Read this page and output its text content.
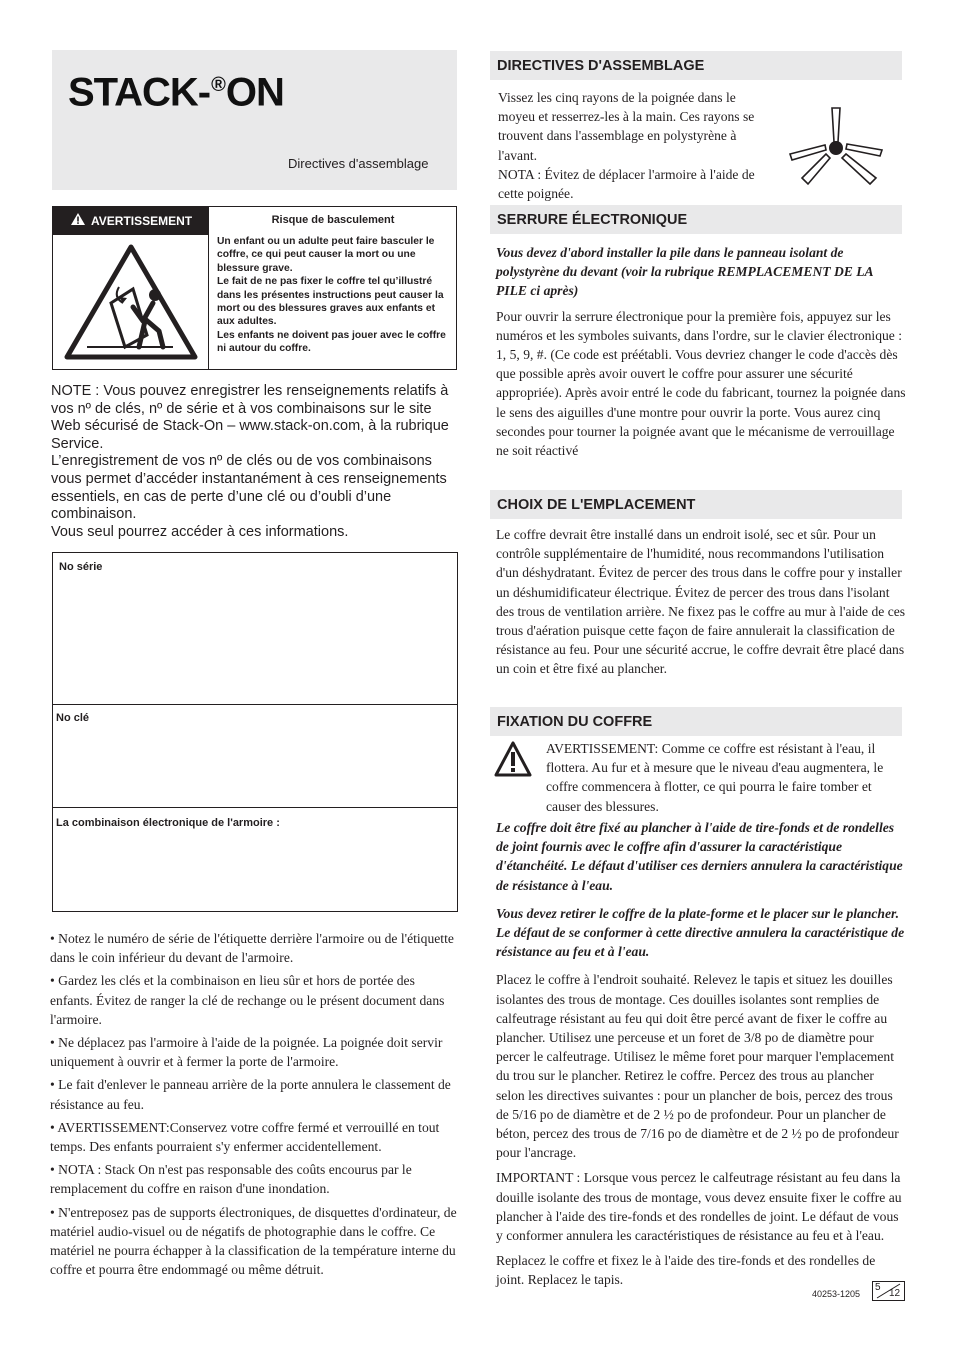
STACK-®ON
Directives d'assemblage
AVERTISSEMENT	Risque de basculement
Un enfant ou un adulte peut faire basculer le coffre, ce qui peut causer la mort ou une blessure grave.
Le fait de ne pas fixer le coffre tel qu’illustré dans les présentes instructions peut causer la mort ou des blessures graves aux enfants et aux adultes.
Les enfants ne doivent pas jouer avec le coffre ni autour du coffre.

NOTE : Vous pouvez enregistrer les renseignements relatifs à vos nº de clés, nº de série et à vos combinaisons sur le site Web sécurisé de Stack-On – www.stack-on.com, à la rubrique Service.

L’enregistrement de vos nº de clés ou de vos combinaisons vous permet d’accéder instantanément à ces renseignements essentiels, en cas de perte d’une clé ou d’oubli d’une combinaison.

Vous seul pourrez accéder à ces informations.

No série
No clé
La combinaison électronique de l'armoire :

• Notez le numéro de série de l'étiquette derrière l'armoire ou de l'étiquette dans le coin inférieur du devant de l'armoire.

• Gardez les clés et la combinaison en lieu sûr et hors de portée des enfants. Évitez de ranger la clé de rechange ou le présent document dans l'armoire.

• Ne déplacez pas l'armoire à l'aide de la poignée. La poignée doit servir uniquement à ouvrir et à fermer la porte de l'armoire.

• Le fait d'enlever le panneau arrière de la porte annulera le classement de résistance au feu.

• AVERTISSEMENT:Conservez votre coffre fermé et verrouillé en tout temps. Des enfants pourraient s'y enfermer accidentellement.

• NOTA : Stack On n'est pas responsable des coûts encourus par le remplacement du coffre en raison d'une inondation.

• N'entreposez pas de supports électroniques, de disquettes d'ordinateur, de matériel audio-visuel ou de négatifs de photographie dans le coffre. Ce matériel ne pourra échapper à la classification de la température interne du coffre et pourra être endommagé ou même détruit.

DIRECTIVES D'ASSEMBLAGE

Vissez les cinq rayons de la poignée dans le moyeu et resserrez-les à la main. Ces rayons se trouvent dans l'assemblage en polystyrène à l'avant.

NOTA : Évitez de déplacer l'armoire à l'aide de cette poignée.

SERRURE ÉLECTRONIQUE

Vous devez d'abord installer la pile dans le panneau isolant de polystyrène du devant (voir la rubrique REMPLACEMENT DE LA PILE ci après)

Pour ouvrir la serrure électronique pour la première fois, appuyez sur les numéros et les symboles suivants, dans l'ordre, sur le clavier électronique : 1, 5, 9, #. (Ce code est préétabli. Vous devriez changer le code d'accès dès que possible après avoir ouvert le coffre pour assurer une sécurité appropriée). Après avoir entré le code du fabricant, tournez la poignée dans le sens des aiguilles d'une montre pour ouvrir la porte. Vous aurez cinq secondes pour tourner la poignée avant que le mécanisme de verrouillage ne soit réactivé

CHOIX DE L'EMPLACEMENT

Le coffre devrait être installé dans un endroit isolé, sec et sûr. Pour un contrôle supplémentaire de l'humidité, nous recommandons l'utilisation d'un déshydratant. Évitez de percer des trous dans le coffre pour y installer un déshumidificateur électrique. Évitez de percer des trous dans l'isolant des trous de ventilation arrière. Ne fixez pas le coffre au mur à l'aide de ces trous d'aération puisque cette façon de faire annulerait la classification de résistance au feu. Pour une sécurité accrue, le coffre devrait être placé dans un coin et être fixé au plancher.

FIXATION DU COFFRE
AVERTISSEMENT: Comme ce coffre est résistant à l'eau, il flottera. Au fur et à mesure que le niveau d'eau augmentera, le coffre commencera à flotter, ce qui pourra le faire tomber et causer des blessures.

Le coffre doit être fixé au plancher à l'aide de tire-fonds et de rondelles de joint fournis avec le coffre afin d'assurer la caractéristique d'étanchéité. Le défaut d'utiliser ces derniers annulera la caractéristique de résistance à l'eau.

Vous devez retirer le coffre de la plate-forme et le placer sur le plancher. Le défaut de se conformer à cette directive annulera la caractéristique de résistance au feu et à l'eau.

Placez le coffre à l'endroit souhaité. Relevez le tapis et situez les douilles isolantes des trous de montage. Ces douilles isolantes sont remplies de calfeutrage résistant au feu qui doit être percé avant de fixer le coffre au plancher. Utilisez une perceuse et un foret de 3/8 po de diamètre pour percer le calfeutrage. Utilisez le même foret pour marquer l'emplacement du trou sur le plancher. Retirez le coffre. Percez des trous au plancher selon les directives suivantes : pour un plancher de bois, percez des trous de 5/16 po de diamètre et de 2 ½ po de profondeur. Pour un plancher de béton, percez des trous de 7/16 po de diamètre et de 2 ½ po de profondeur pour l'ancrage.

IMPORTANT : Lorsque vous percez le calfeutrage résistant au feu dans la douille isolante des trous de montage, vous devez ensuite fixer le coffre au plancher à l'aide des tire-fonds et des rondelles de joint. Le défaut de vous y conformer annulera les caractéristiques de résistance au feu et à l'eau.

Replacez le coffre et fixez le à l'aide des tire-fonds et des rondelles de joint. Replacez le tapis.

40253-1205
5
12
